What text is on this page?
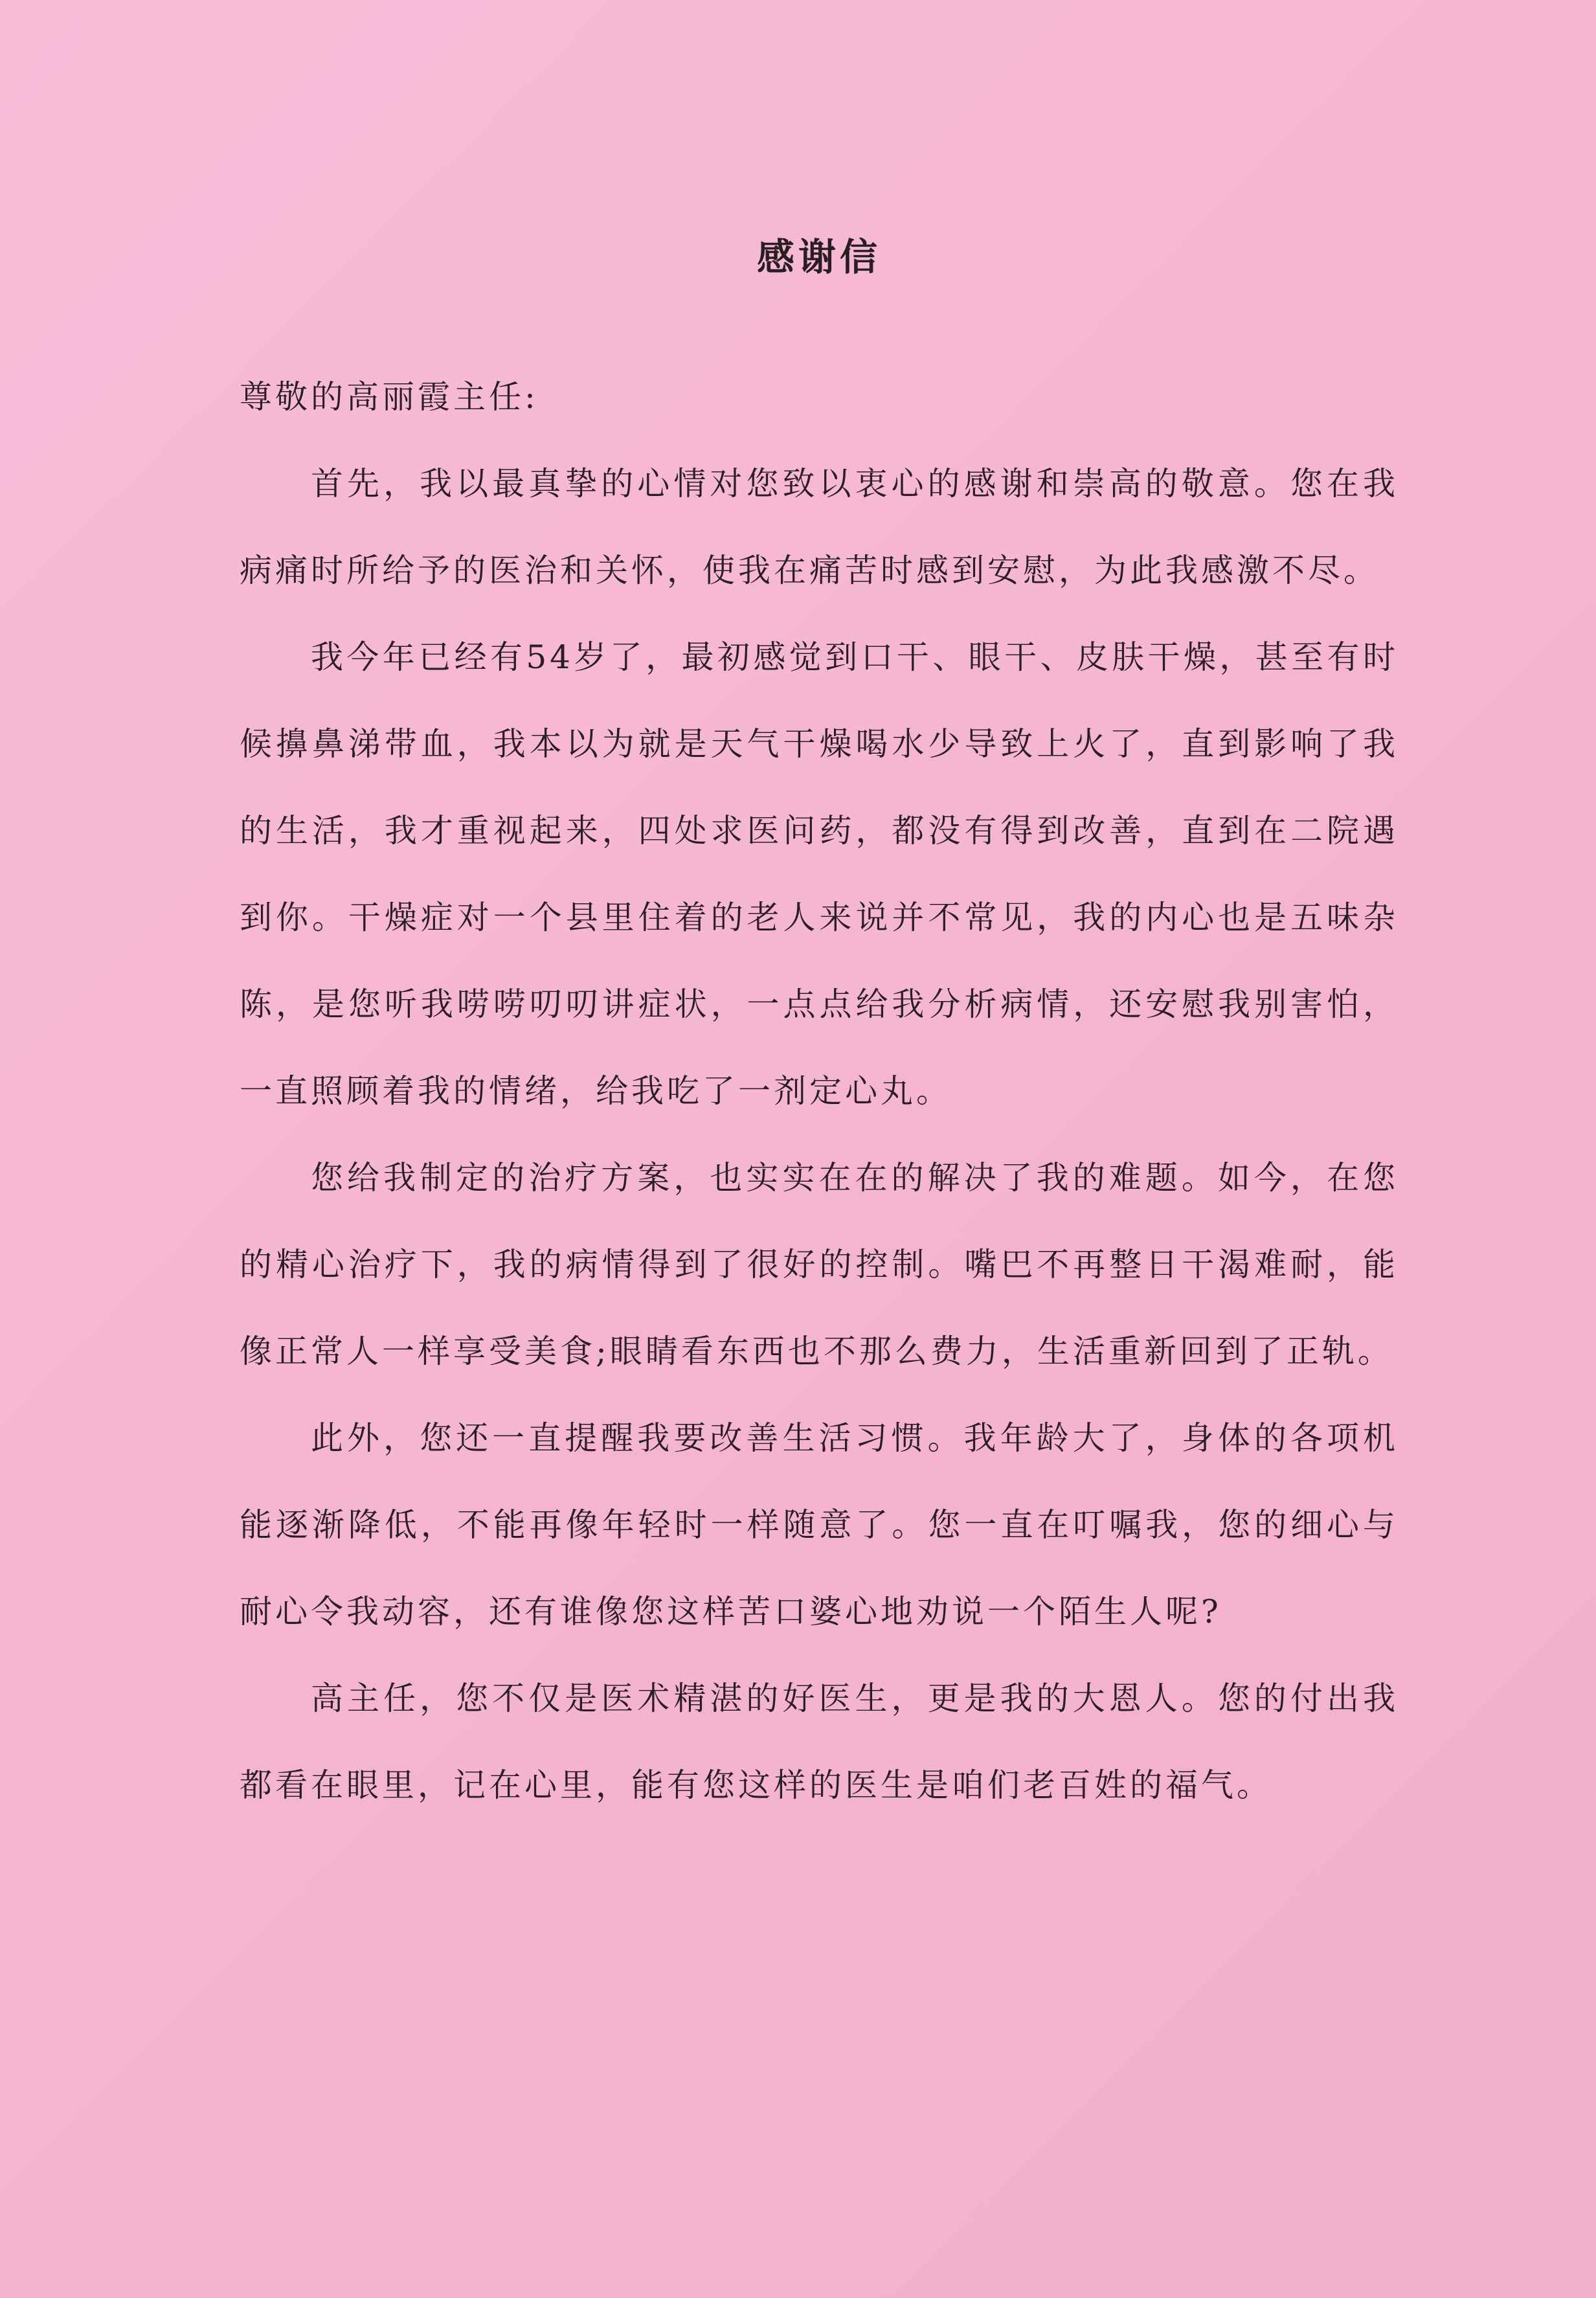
感谢信

尊敬的高丽霞主任:

首先，我以最真挚的心情对您致以衷心的感谢和崇高的敬意。您在我病痛时所给予的医治和关怀，使我在痛苦时感到安慰，为此我感激不尽。

我今年已经有54岁了，最初感觉到口干、眼干、皮肤干燥，甚至有时候擤鼻涕带血，我本以为就是天气干燥喝水少导致上火了，直到影响了我的生活，我才重视起来，四处求医问药，都没有得到改善，直到在二院遇到你。干燥症对一个县里住着的老人来说并不常见，我的内心也是五味杂陈，是您听我唠唠叨叨讲症状，一点点给我分析病情，还安慰我别害怕，一直照顾着我的情绪，给我吃了一剂定心丸。

您给我制定的治疗方案，也实实在在的解决了我的难题。如今，在您的精心治疗下，我的病情得到了很好的控制。嘴巴不再整日干渴难耐，能像正常人一样享受美食;眼睛看东西也不那么费力，生活重新回到了正轨。

此外，您还一直提醒我要改善生活习惯。我年龄大了，身体的各项机能逐渐降低，不能再像年轻时一样随意了。您一直在叮嘱我，您的细心与耐心令我动容，还有谁像您这样苦口婆心地劝说一个陌生人呢?

高主任，您不仅是医术精湛的好医生，更是我的大恩人。您的付出我都看在眼里，记在心里，能有您这样的医生是咱们老百姓的福气。
